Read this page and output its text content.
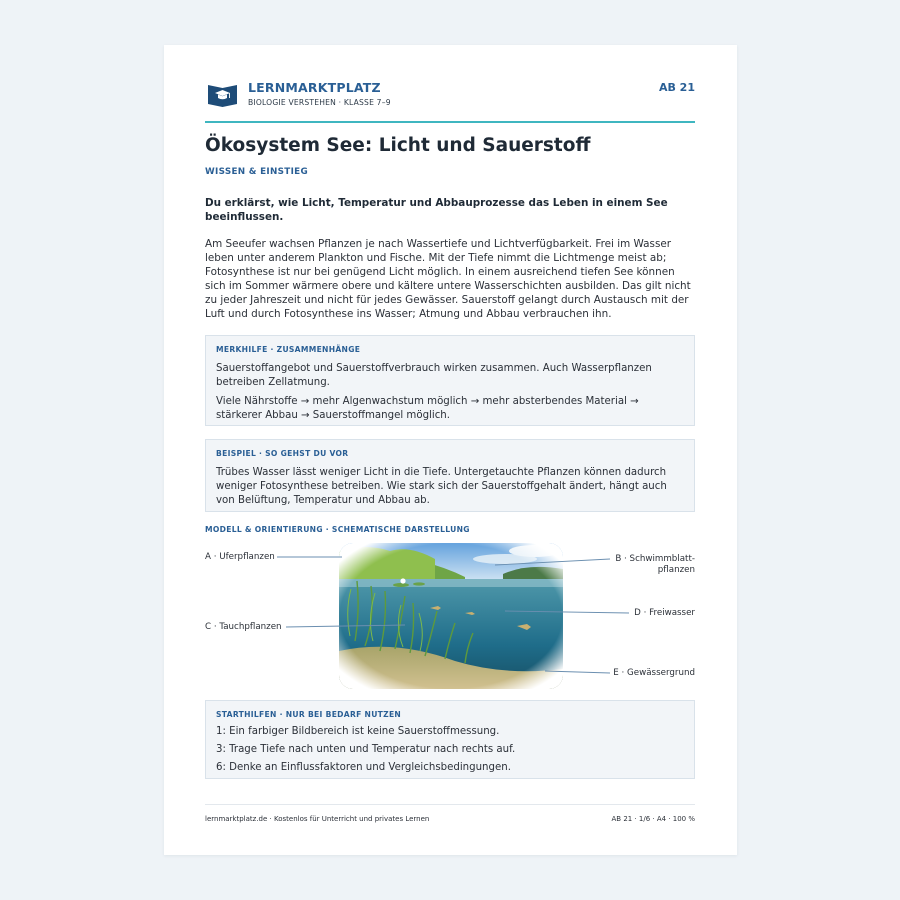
LERNMARKTPLATZ
BIOLOGIE VERSTEHEN · KLASSE 7–9
AB 21
Ökosystem See: Licht und Sauerstoff
WISSEN & EINSTIEG
Du erklärst, wie Licht, Temperatur und Abbauprozesse das Leben in einem See beeinflussen.
Am Seeufer wachsen Pflanzen je nach Wassertiefe und Lichtverfügbarkeit. Frei im Wasser leben unter anderem Plankton und Fische. Mit der Tiefe nimmt die Lichtmenge meist ab; Fotosynthese ist nur bei genügend Licht möglich. In einem ausreichend tiefen See können sich im Sommer wärmere obere und kältere untere Wasserschichten ausbilden. Das gilt nicht zu jeder Jahreszeit und nicht für jedes Gewässer. Sauerstoff gelangt durch Austausch mit der Luft und durch Fotosynthese ins Wasser; Atmung und Abbau verbrauchen ihn.
MERKHILFE · ZUSAMMENHÄNGE

Sauerstoffangebot und Sauerstoffverbrauch wirken zusammen. Auch Wasserpflanzen betreiben Zellatmung.

Viele Nährstoffe → mehr Algenwachstum möglich → mehr absterbendes Material → stärkerer Abbau → Sauerstoffmangel möglich.

BEISPIEL · SO GEHST DU VOR

Trübes Wasser lässt weniger Licht in die Tiefe. Untergetauchte Pflanzen können dadurch weniger Fotosynthese betreiben. Wie stark sich der Sauerstoffgehalt ändert, hängt auch von Belüftung, Temperatur und Abbau ab.

MODELL & ORIENTIERUNG · SCHEMATISCHE DARSTELLUNG
A · Uferpflanzen	B · Schwimmblatt-
pflanzen
C · Tauchpflanzen
D · Freiwasser
E · Gewässergrund
STARTHILFEN · NUR BEI BEDARF NUTZEN

1: Ein farbiger Bildbereich ist keine Sauerstoffmessung.

3: Trage Tiefe nach unten und Temperatur nach rechts auf.

6: Denke an Einflussfaktoren und Vergleichsbedingungen.

lernmarktplatz.de · Kostenlos für Unterricht und privates Lernen	AB 21 · 1/6 · A4 · 100 %
